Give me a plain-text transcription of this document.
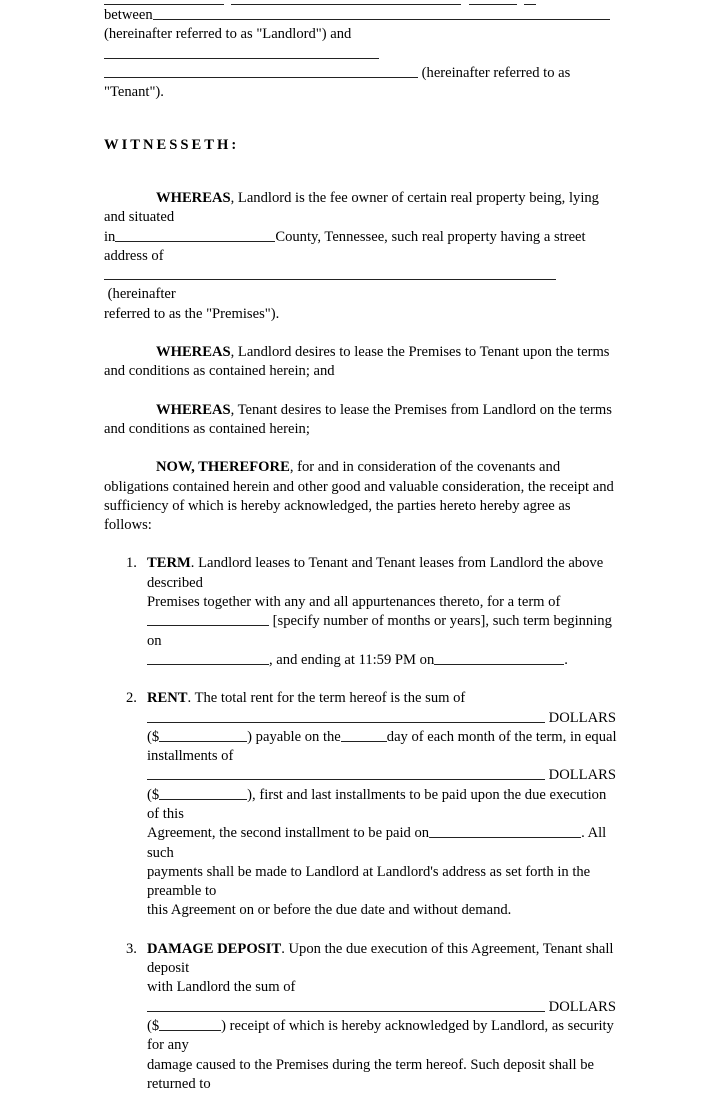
between

(hereinafter referred to as "Landlord") and

(hereinafter referred to as "Tenant").

WITNESSETH:

WHEREAS, Landlord is the fee owner of certain real property being, lying and situated

in	County, Tennessee, such real property having a street address of

(hereinafter

referred to as the "Premises").

WHEREAS, Landlord desires to lease the Premises to Tenant upon the terms and conditions as contained herein; and

WHEREAS, Tenant desires to lease the Premises from Landlord on the terms and conditions as contained herein;

NOW, THEREFORE, for and in consideration of the covenants and obligations contained herein and other good and valuable consideration, the receipt and sufficiency of which is hereby acknowledged, the parties hereto hereby agree as follows:

1. TERM. Landlord leases to Tenant and Tenant leases from Landlord the above described

Premises together with any and all appurtenances thereto, for a term of

[specify number of months or years], such term beginning on

, and ending at 11:59 PM on	.

2. RENT. The total rent for the term hereof is the sum of

DOLLARS

($	) payable on the	day of each month of the term, in equal

installments of

DOLLARS

($	), first and last installments to be paid upon the due execution of this

Agreement, the second installment to be paid on	. All such

payments shall be made to Landlord at Landlord's address as set forth in the preamble to

this Agreement on or before the due date and without demand.

3. DAMAGE DEPOSIT. Upon the due execution of this Agreement, Tenant shall deposit

with Landlord the sum of

DOLLARS

($	) receipt of which is hereby acknowledged by Landlord, as security for any

damage caused to the Premises during the term hereof. Such deposit shall be returned to
